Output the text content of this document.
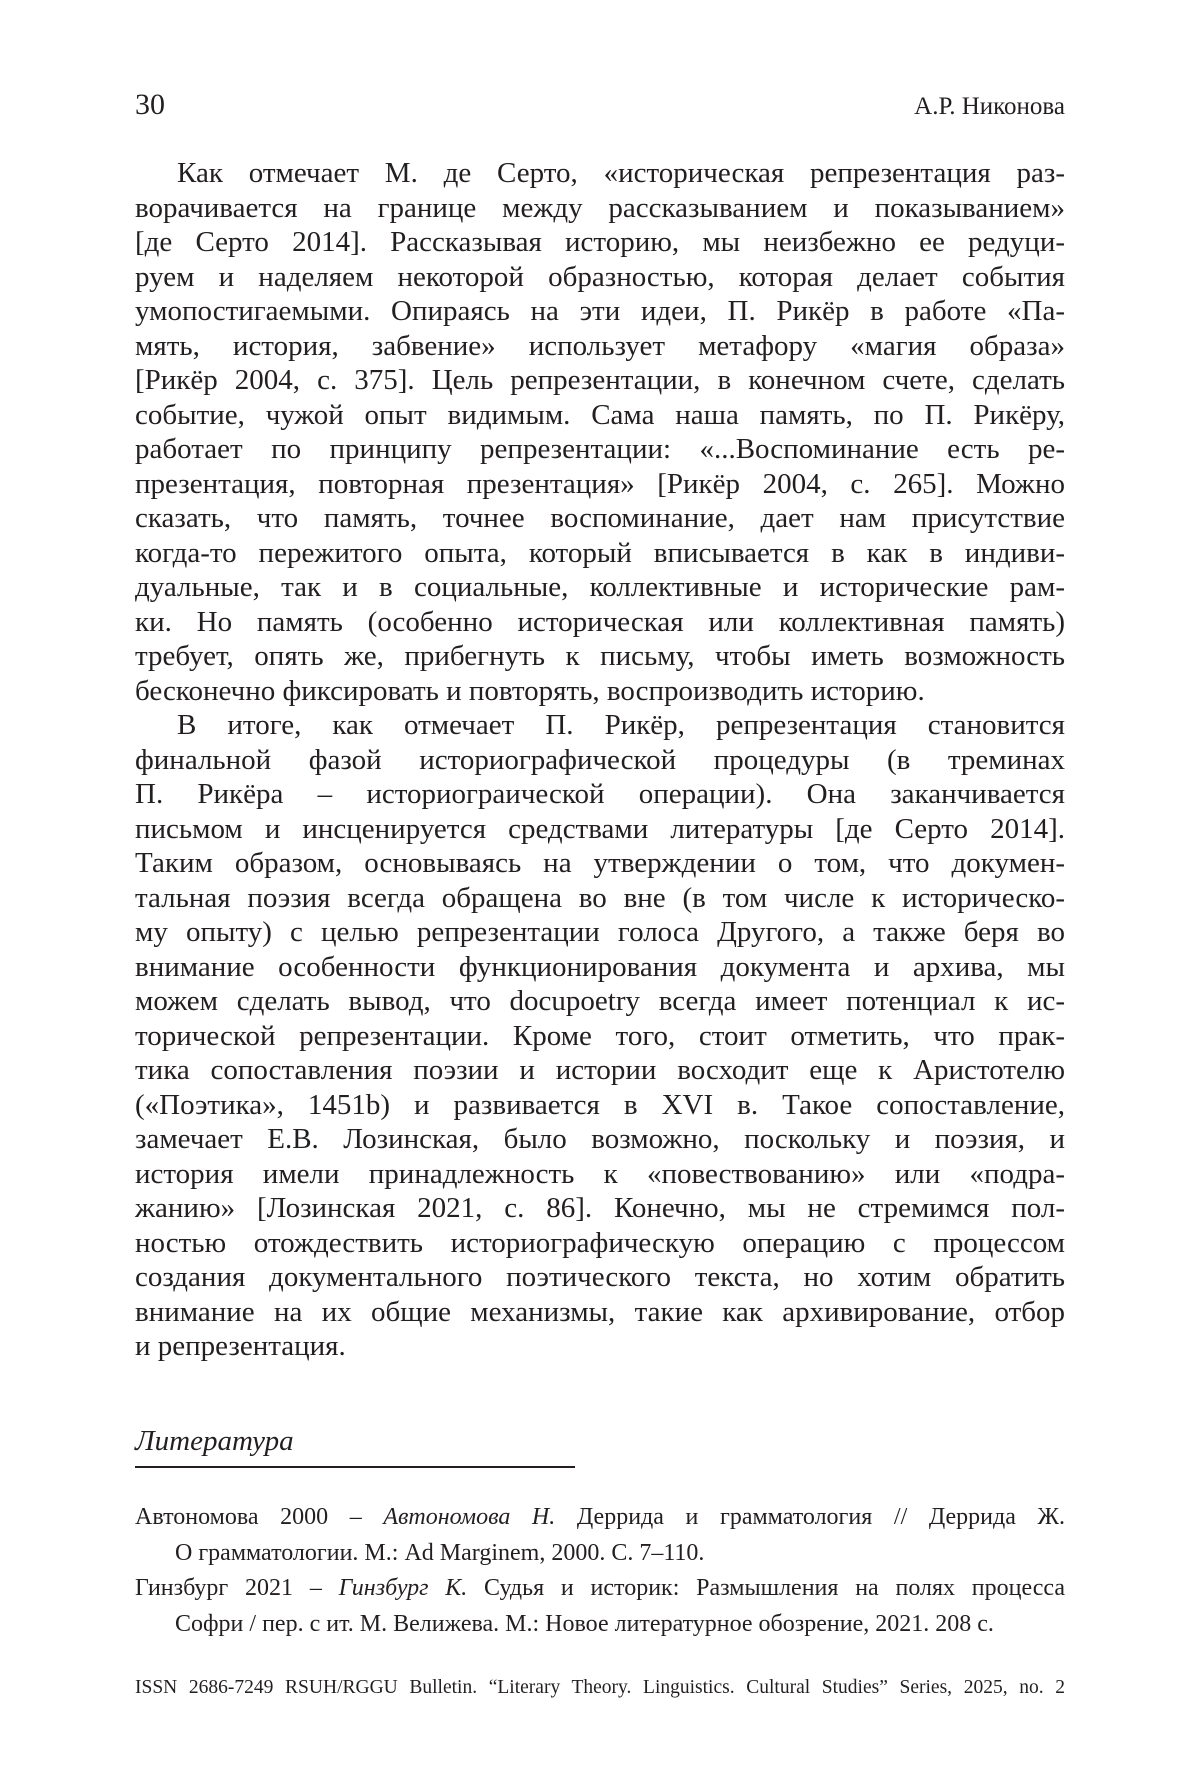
30	А.Р. Никонова
Как отмечает М. де Серто, «историческая репрезентация раз-
ворачивается на границе между рассказыванием и показыванием»
[де Серто 2014]. Рассказывая историю, мы неизбежно ее редуци-
руем и наделяем некоторой образностью, которая делает события
умопостигаемыми. Опираясь на эти идеи, П. Рикёр в работе «Па-
мять, история, забвение» использует метафору «магия образа»
[Рикёр 2004, с. 375]. Цель репрезентации, в конечном счете, сделать
событие, чужой опыт видимым. Сама наша память, по П. Рикёру,
работает по принципу репрезентации: «...Воспоминание есть ре-
презентация, повторная презентация» [Рикёр 2004, с. 265]. Можно
сказать, что память, точнее воспоминание, дает нам присутствие
когда-то пережитого опыта, который вписывается в как в индиви-
дуальные, так и в социальные, коллективные и исторические рам-
ки. Но память (особенно историческая или коллективная память)
требует, опять же, прибегнуть к письму, чтобы иметь возможность
бесконечно фиксировать и повторять, воспроизводить историю.
В итоге, как отмечает П. Рикёр, репрезентация становится
финальной фазой историографической процедуры (в треминах
П. Рикёра – историограической операции). Она заканчивается
письмом и инсценируется средствами литературы [де Серто 2014].
Таким образом, основываясь на утверждении о том, что докумен-
тальная поэзия всегда обращена во вне (в том числе к историческо-
му опыту) с целью репрезентации голоса Другого, а также беря во
внимание особенности функционирования документа и архива, мы
можем сделать вывод, что docupoetry всегда имеет потенциал к ис-
торической репрезентации. Кроме того, стоит отметить, что прак-
тика сопоставления поэзии и истории восходит еще к Аристотелю
(«Поэтика», 1451b) и развивается в XVI в. Такое сопоставление,
замечает Е.В. Лозинская, было возможно, поскольку и поэзия, и
история имели принадлежность к «повествованию» или «подра-
жанию» [Лозинская 2021, с. 86]. Конечно, мы не стремимся пол-
ностью отождествить историографическую операцию с процессом
создания документального поэтического текста, но хотим обратить
внимание на их общие механизмы, такие как архивирование, отбор
и репрезентация.
Литература
Автономова 2000 – Автономова Н. Деррида и грамматология // Деррида Ж.
О грамматологии. М.: Ad Marginem, 2000. С. 7–110.
Гинзбург 2021 – Гинзбург К. Судья и историк: Размышления на полях процесса
Софри / пер. с ит. М. Велижева. М.: Новое литературное обозрение, 2021. 208 с.
ISSN 2686-7249 RSUH/RGGU Bulletin. “Literary Theory. Linguistics. Cultural Studies” Series, 2025, no. 2
